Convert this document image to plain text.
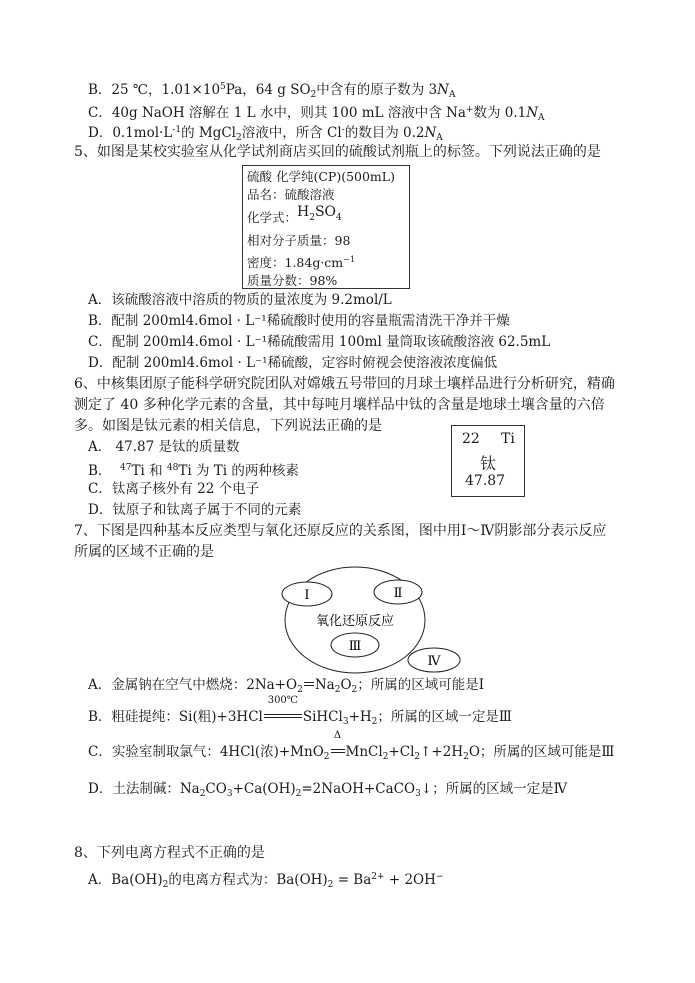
B．25 ℃，$1.01\times 10^5Pa$，64 g $SO_2$中含有的原子数为 $3N_A$
C．40g NaOH 溶解在 1 L 水中，则其 100 mL 溶液中含 Na+数为 $0.1N_A$
D．$0.1mol\cdot L^{-1}$的 MgCl$_2$溶液中，所含 Cl-的数目为 $0.2N_A$
5、如图是某校实验室从化学试剂商店买回的硫酸试剂瓶上的标签。下列说法正确的是
硫酸 化学纯(CP)(500mL)
品名：硫酸溶液
化学式：$H_2SO_4$
相对分子质量：98
密度：$1.84g\cdot cm^{-1}$
质量分数：98%
A．该硫酸溶液中溶质的物质的量浓度为 9.2mol/L
B．配制 200ml4.6mol · L⁻¹稀硫酸时使用的容量瓶需清洗干净并干燥
C．配制 200ml4.6mol · L⁻¹稀硫酸需用 100ml 量筒取该硫酸溶液 62.5mL
D．配制 200ml4.6mol · L⁻¹稀硫酸，定容时俯视会使溶液浓度偏低
6、中核集团原子能科学研究院团队对嫦娥五号带回的月球土壤样品进行分析研究，精确
测定了 40 多种化学元素的含量，其中每吨月壤样品中钛的含量是地球土壤含量的六倍
多。如图是钛元素的相关信息，下列说法正确的是
A． 47.87 是钛的质量数
B．  $^{47}$Ti 和 $^{48}$Ti 为 Ti 的两种核素
C．钛离子核外有 22 个电子
D．钛原子和钛离子属于不同的元素
22 Ti
钛
47.87
7、下图是四种基本反应类型与氧化还原反应的关系图，图中用Ⅰ～Ⅳ阴影部分表示反应
所属的区域不正确的是
Ⅰ	Ⅱ
氧化还原反应
Ⅲ
Ⅳ
A．金属钠在空气中燃烧：$2Na+O_2$ $Na_2O_2$；所属的区域可能是Ⅰ
B．粗硅提纯：Si(粗)+3HCl
300℃
$SiHCl_3+H_2$；所属的区域一定是Ⅲ
C．实验室制取氯气：4HCl(浓)+MnO$_2$
Δ
$MnCl_2+Cl_2↑+2H_2O$；所属的区域可能是Ⅲ
D．土法制碱：$Na_2CO_3+Ca(OH)_2=2NaOH+CaCO_3↓$；所属的区域一定是Ⅳ
8、下列电离方程式不正确的是
A．$Ba(OH)_2$的电离方程式为：$Ba(OH)_2 = Ba^{2+} + 2OH^-$
